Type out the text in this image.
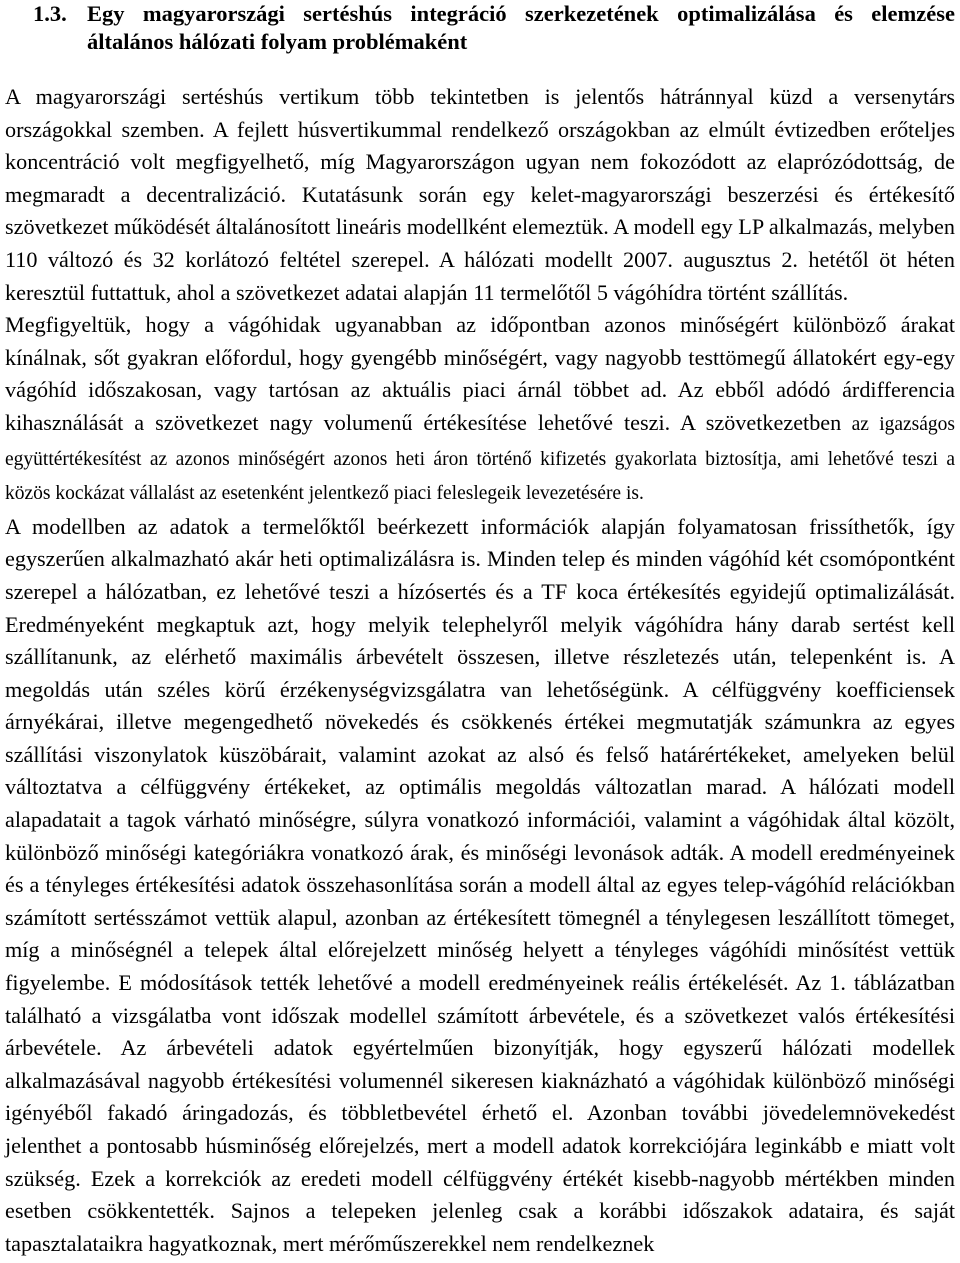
1.3. Egy magyarországi sertéshús integráció szerkezetének optimalizálása és elemzése általános hálózati folyam problémaként

A magyarországi sertéshús vertikum több tekintetben is jelentős hátránnyal küzd a versenytárs országokkal szemben. A fejlett húsvertikummal rendelkező országokban az elmúlt évtizedben erőteljes koncentráció volt megfigyelhető, míg Magyarországon ugyan nem fokozódott az elaprózódottság, de megmaradt a decentralizáció. Kutatásunk során egy kelet-magyarországi beszerzési és értékesítő szövetkezet működését általánosított lineáris modellként elemeztük. A modell egy LP alkalmazás, melyben 110 változó és 32 korlátozó feltétel szerepel. A hálózati modellt 2007. augusztus 2. hetétől öt héten keresztül futtattuk, ahol a szövetkezet adatai alapján 11 termelőtől 5 vágóhídra történt szállítás.

Megfigyeltük, hogy a vágóhidak ugyanabban az időpontban azonos minőségért különböző árakat kínálnak, sőt gyakran előfordul, hogy gyengébb minőségért, vagy nagyobb testtömegű állatokért egy-egy vágóhíd időszakosan, vagy tartósan az aktuális piaci árnál többet ad. Az ebből adódó árdifferencia kihasználását a szövetkezet nagy volumenű értékesítése lehetővé teszi. A szövetkezetben az igazságos együttértékesítést az azonos minőségért azonos heti áron történő kifizetés gyakorlata biztosítja, ami lehetővé teszi a közös kockázat vállalást az esetenként jelentkező piaci feleslegeik levezetésére is.

A modellben az adatok a termelőktől beérkezett információk alapján folyamatosan frissíthetők, így egyszerűen alkalmazható akár heti optimalizálásra is. Minden telep és minden vágóhíd két csomópontként szerepel a hálózatban, ez lehetővé teszi a hízósertés és a TF koca értékesítés egyidejű optimalizálását. Eredményeként megkaptuk azt, hogy melyik telephelyről melyik vágóhídra hány darab sertést kell szállítanunk, az elérhető maximális árbevételt összesen, illetve részletezés után, telepenként is. A megoldás után széles körű érzékenységvizsgálatra van lehetőségünk. A célfüggvény koefficiensek árnyékárai, illetve megengedhető növekedés és csökkenés értékei megmutatják számunkra az egyes szállítási viszonylatok küszöbárait, valamint azokat az alsó és felső határértékeket, amelyeken belül változtatva a célfüggvény értékeket, az optimális megoldás változatlan marad. A hálózati modell alapadatait a tagok várható minőségre, súlyra vonatkozó információi, valamint a vágóhidak által közölt, különböző minőségi kategóriákra vonatkozó árak, és minőségi levonások adták. A modell eredményeinek és a tényleges értékesítési adatok összehasonlítása során a modell által az egyes telep-vágóhíd relációkban számított sertésszámot vettük alapul, azonban az értékesített tömegnél a ténylegesen leszállított tömeget, míg a minőségnél a telepek által előrejelzett minőség helyett a tényleges vágóhídi minősítést vettük figyelembe. E módosítások tették lehetővé a modell eredményeinek reális értékelését. Az 1. táblázatban található a vizsgálatba vont időszak modellel számított árbevétele, és a szövetkezet valós értékesítési árbevétele. Az árbevételi adatok egyértelműen bizonyítják, hogy egyszerű hálózati modellek alkalmazásával nagyobb értékesítési volumennél sikeresen kiaknázható a vágóhidak különböző minőségi igényéből fakadó áringadozás, és többletbevétel érhető el. Azonban további jövedelemnövekedést jelenthet a pontosabb húsminőség előrejelzés, mert a modell adatok korrekciójára leginkább e miatt volt szükség. Ezek a korrekciók az eredeti modell célfüggvény értékét kisebb-nagyobb mértékben minden esetben csökkentették. Sajnos a telepeken jelenleg csak a korábbi időszakok adataira, és saját tapasztalataikra hagyatkoznak, mert mérőműszerekkel nem rendelkeznek
